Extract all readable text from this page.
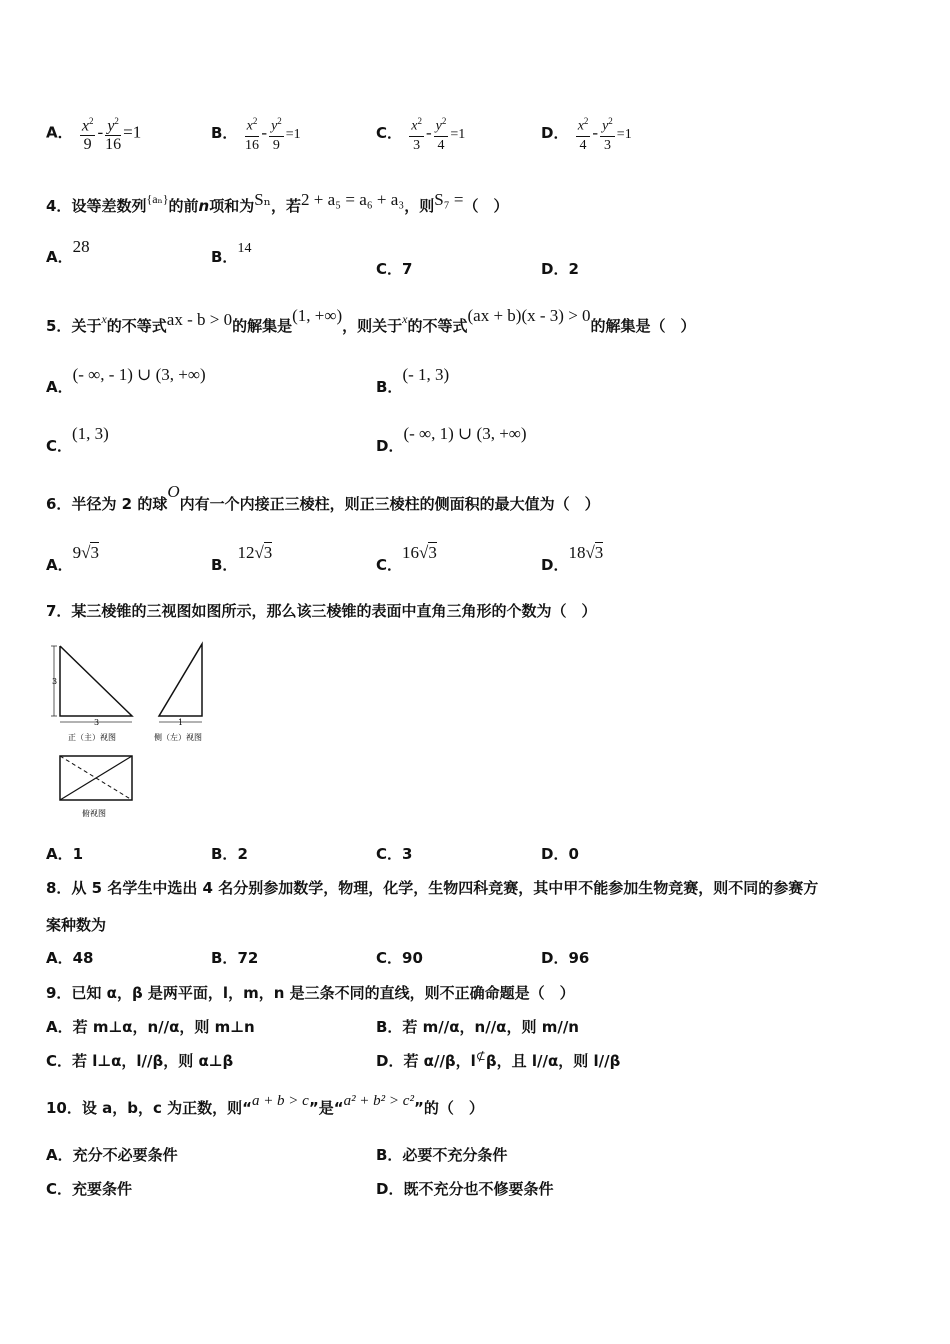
A． $\frac{x^2}{9} - \frac{y^2}{16} =1$	B． $\frac{x^2}{16} - \frac{y^2}{9} =1$	C． $\frac{x^2}{3} - \frac{y^2}{4} =1$	D． $\frac{x^2}{4} - \frac{y^2}{3} =1$
4．设等差数列$^{\{a_n\}}$的前n项和为Sₙ，若2 + a₅ = a₆ + a₃，则S₇ =（　）
A．28
B．14
C．7	D．2
5．关于$^x$的不等式ax - b > 0的解集是(1, +∞)，则关于$^x$的不等式(ax + b)(x - 3) > 0的解集是（　）
A．(- ∞, - 1) ∪ (3, +∞)
B．(- 1, 3)
C．(1, 3)
D．(- ∞, 1) ∪ (3, +∞)
6．半径为 2 的球O内有一个内接正三棱柱，则正三棱柱的侧面积的最大值为（　）
A．9√3
B．12√3
C．16√3
D．18√3
7．某三棱锥的三视图如图所示，那么该三棱锥的表面中直角三角形的个数为（　）
3
3
正（主）视图
1
侧（左）视图
俯视图
A．1	B．2	C．3	D．0
8．从 5 名学生中选出 4 名分别参加数学，物理，化学，生物四科竞赛，其中甲不能参加生物竞赛，则不同的参赛方
案种数为
A．48	B．72	C．90	D．96
9．已知 α，β 是两平面，l，m，n 是三条不同的直线，则不正确命题是（　）
A．若 m⊥α，n//α，则 m⊥n	B．若 m//α，n//α，则 m//n
C．若 l⊥α，l//β，则 α⊥β	D．若 α//β，l⊄β，且 l//α，则 l//β
10．设 a，b，c 为正数，则“a + b > c”是“a² + b² > c²”的（　）
A．充分不必要条件	B．必要不充分条件
C．充要条件	D．既不充分也不修要条件
